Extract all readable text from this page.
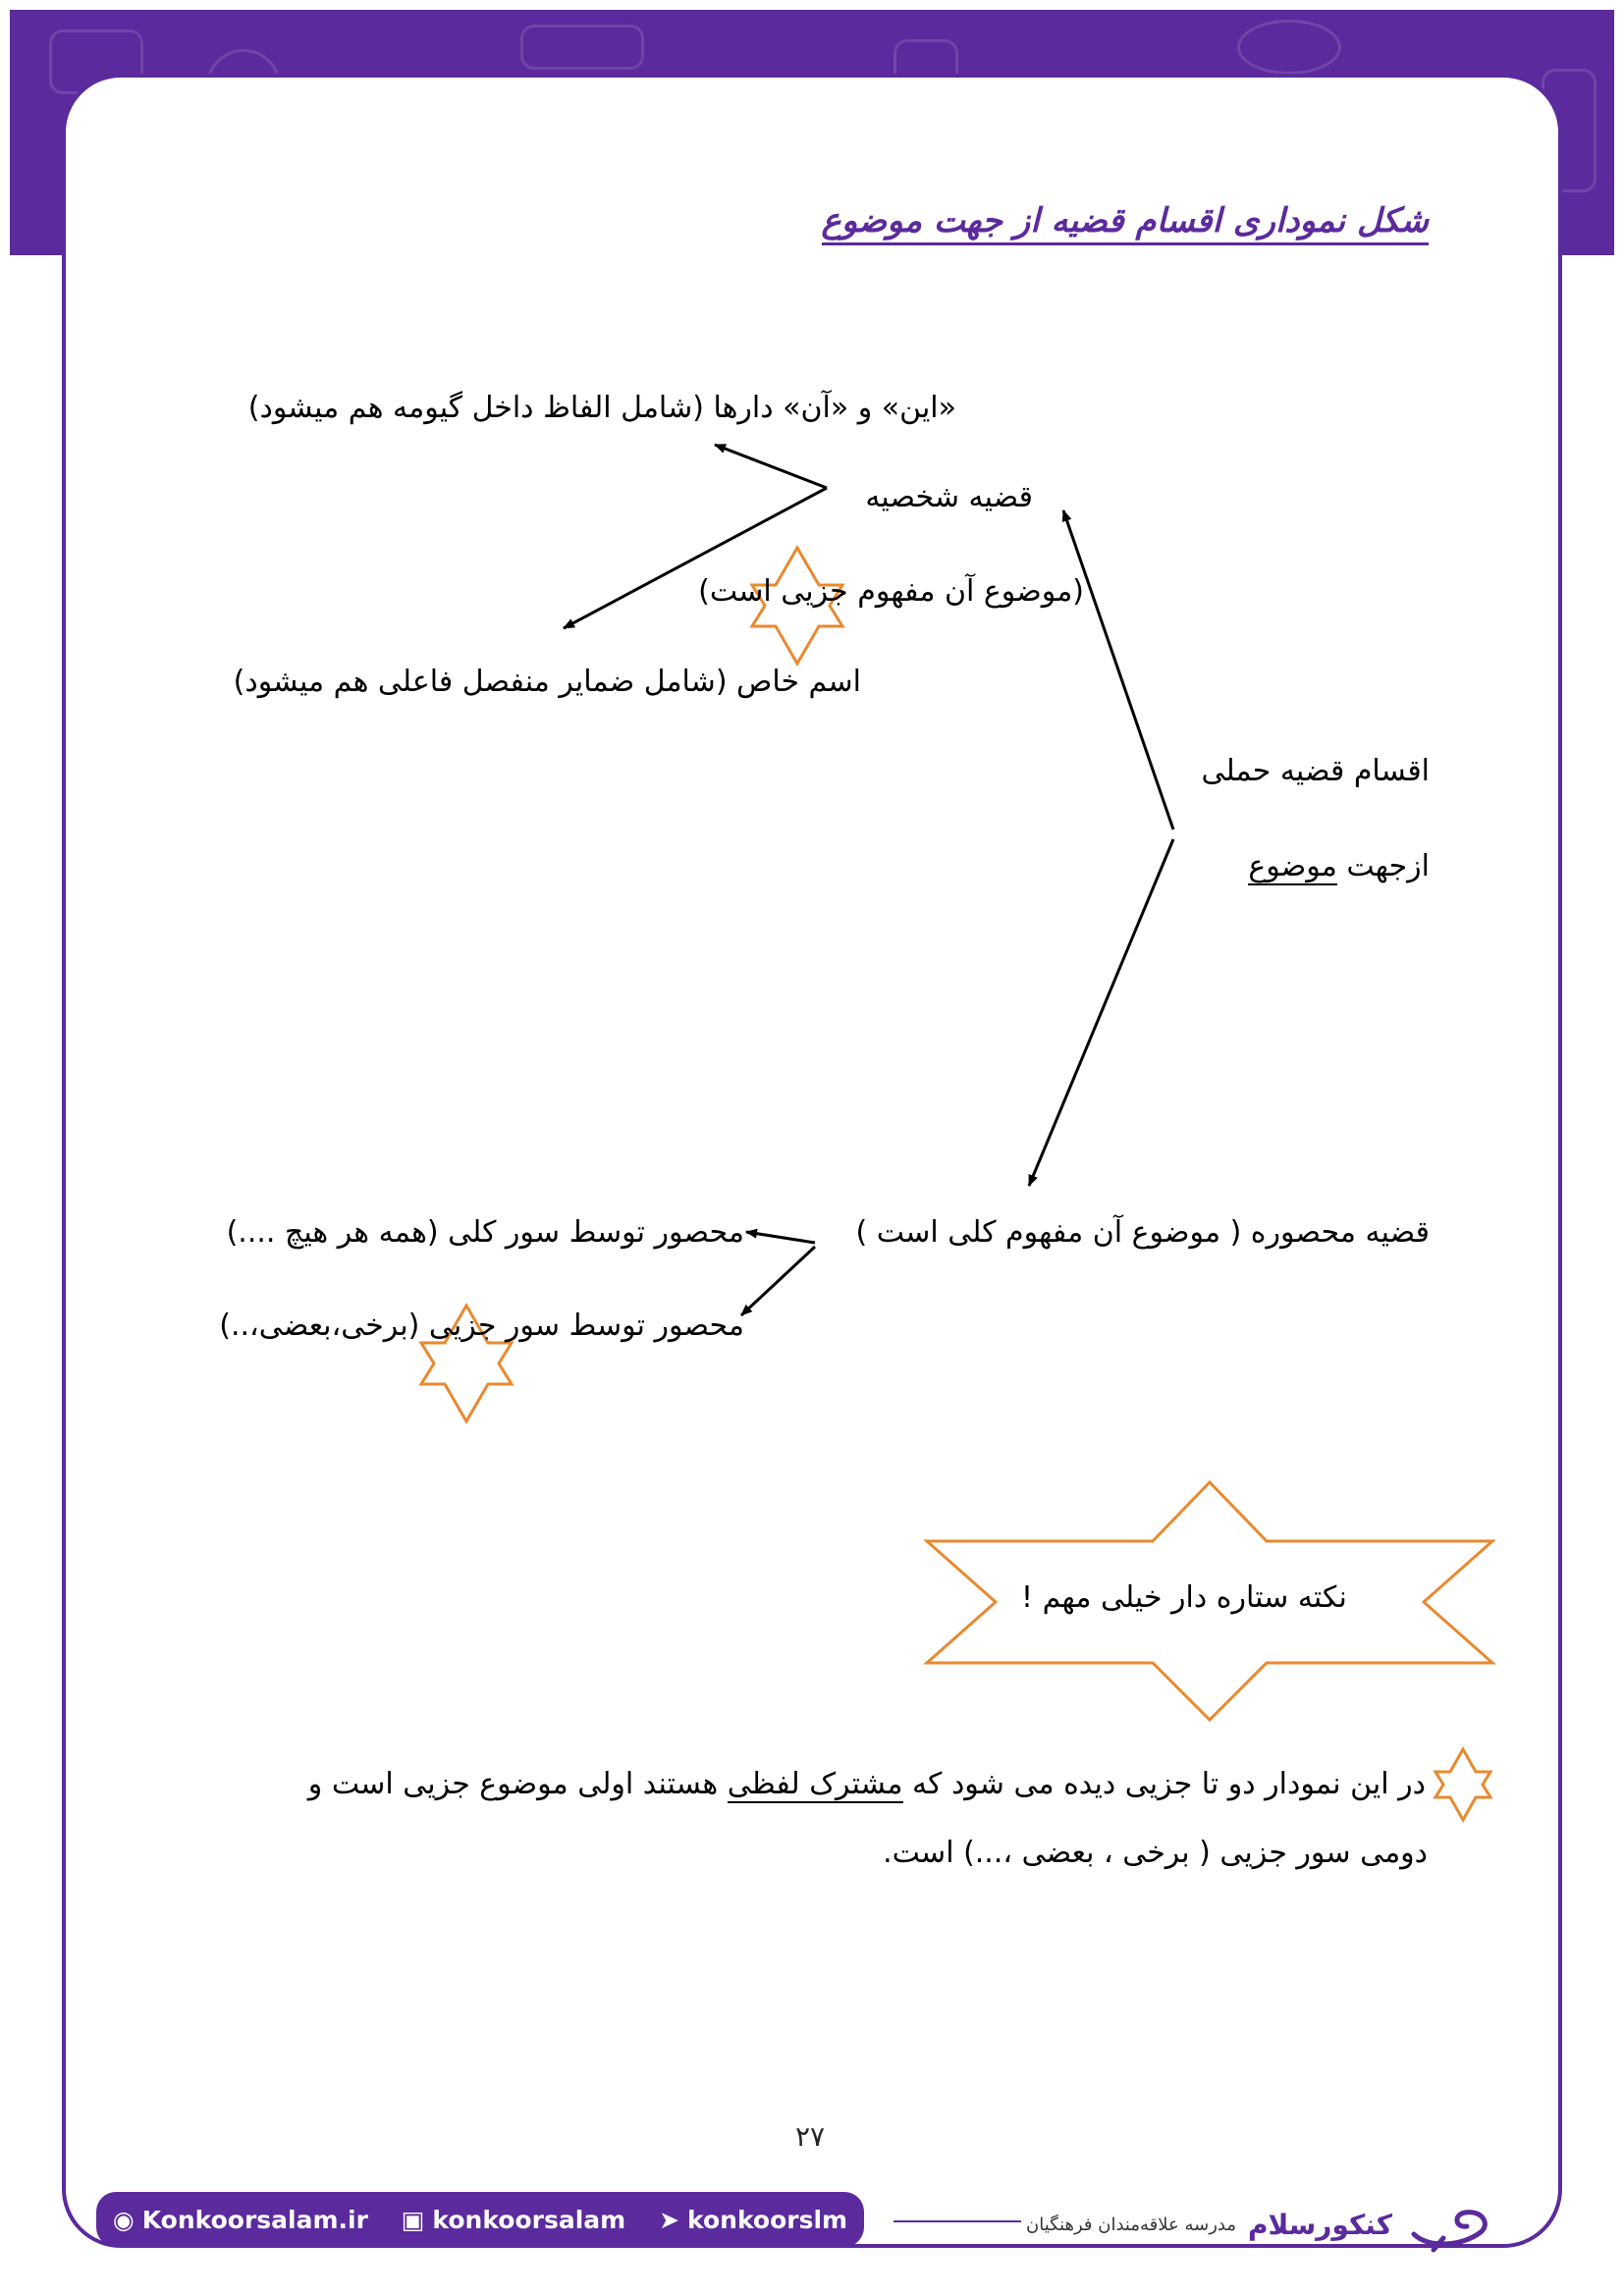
شکل نموداری اقسام قضیه از جهت موضوع
اقسام قضیه حملی
ازجهت موضوع
قضیه شخصیه
(موضوع آن مفهوم جزیی است)
«این» و «آن» دارها (شامل الفاظ داخل گیومه هم میشود)
اسم خاص (شامل ضمایر منفصل فاعلی هم میشود)
قضیه محصوره ( موضوع آن مفهوم کلی است )
محصور توسط سور کلی (همه هر هیچ ....)
محصور توسط سور جزیی (برخی،بعضی،..)
نکته ستاره دار خیلی مهم !
در این نمودار دو تا جزیی دیده می شود که مشترک لفظی هستند اولی موضوع جزیی است و
دومی سور جزیی ( برخی ، بعضی ،...) است.
۲۷
◉ Konkoorsalam.ir ▣ konkoorsalam ➤ konkoorslm	کنکورسلام
مدرسه علاقه‌مندان فرهنگیان
